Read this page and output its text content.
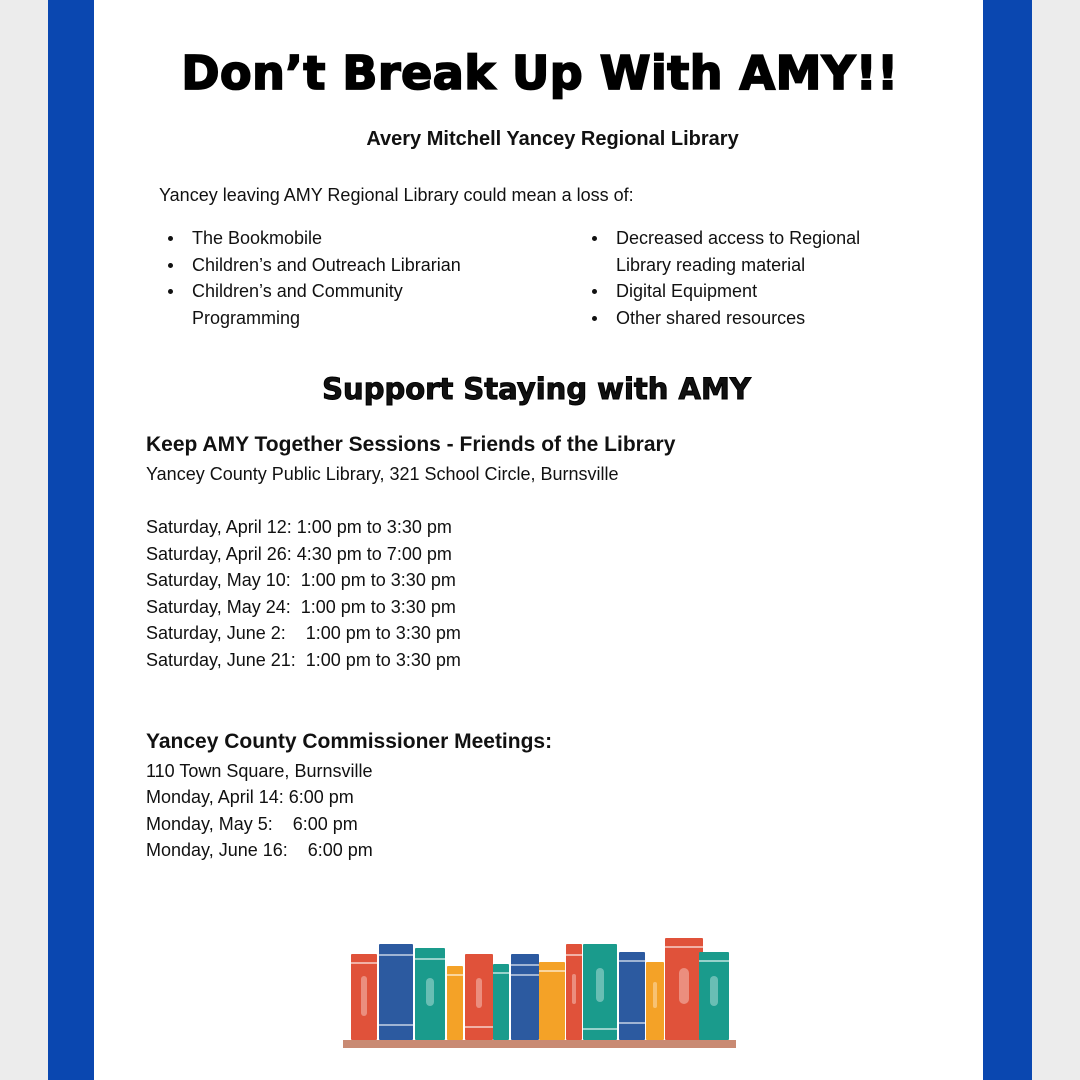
Don’t Break Up With AMY!!
Avery Mitchell Yancey Regional Library
Yancey leaving AMY Regional Library could mean a loss of:
The Bookmobile
Children’s and Outreach Librarian
Children’s and Community Programming
Decreased access to Regional Library reading material
Digital Equipment
Other shared resources
Support Staying with AMY
Keep AMY Together Sessions - Friends of the Library
Yancey County Public Library, 321 School Circle, Burnsville
Saturday, April 12: 1:00 pm to 3:30 pm
Saturday, April 26: 4:30 pm to 7:00 pm
Saturday, May 10:  1:00 pm to 3:30 pm
Saturday, May 24:  1:00 pm to 3:30 pm
Saturday, June 2:    1:00 pm to 3:30 pm
Saturday, June 21:  1:00 pm to 3:30 pm
Yancey County Commissioner Meetings:
110 Town Square, Burnsville
Monday, April 14: 6:00 pm
Monday, May 5:    6:00 pm
Monday, June 16:    6:00 pm
